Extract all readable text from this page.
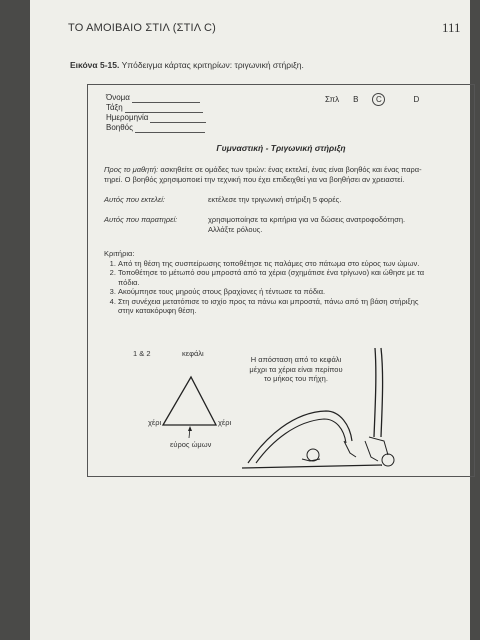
ΤΟ ΑΜΟΙΒΑΙΟ ΣΤΙΛ (ΣΤΙΛ C)	111
Εικόνα 5-15. Υπόδειγμα κάρτας κριτηρίων: τριγωνική στήριξη.
Όνομα
Τάξη
Ημερομηνία
Βοηθός
Σπλ B	C	D
Γυμναστική - Τριγωνική στήριξη
Προς το μαθητή: ασκηθείτε σε ομάδες των τριών: ένας εκτελεί, ένας είναι βοηθός και ένας παρα-
τηρεί. Ο βοηθός χρησιμοποιεί την τεχνική που έχει επιδειχθεί για να βοηθήσει αν χρειαστεί.
Αυτός που εκτελεί:	εκτέλεσε την τριγωνική στήριξη 5 φορές.
Αυτός που παρατηρεί:	χρησιμοποίησε τα κριτήρια για να δώσεις ανατροφοδότηση.
Αλλάξτε ρόλους.
Κριτήρια:
1. Από τη θέση της συσπείρωσης τοποθέτησε τις παλάμες στο πάτωμα στο εύρος των ώμων.
2. Τοποθέτησε το μέτωπό σου μπροστά από τα χέρια (σχημάτισε ένα τρίγωνο) και ώθησε με τα
πόδια.
3. Ακούμπησε τους μηρούς στους βραχίονες ή τέντωσε τα πόδια.
4. Στη συνέχεια μετατόπισε το ισχίο προς τα πάνω και μπροστά, πάνω από τη βάση στήριξης
στην κατακόρυφη θέση.
1 & 2	κεφάλι
χέρι	χέρι
εύρος ώμων
Η απόσταση από το κεφάλι
μέχρι τα χέρια είναι περίπου
το μήκος του πήχη.
